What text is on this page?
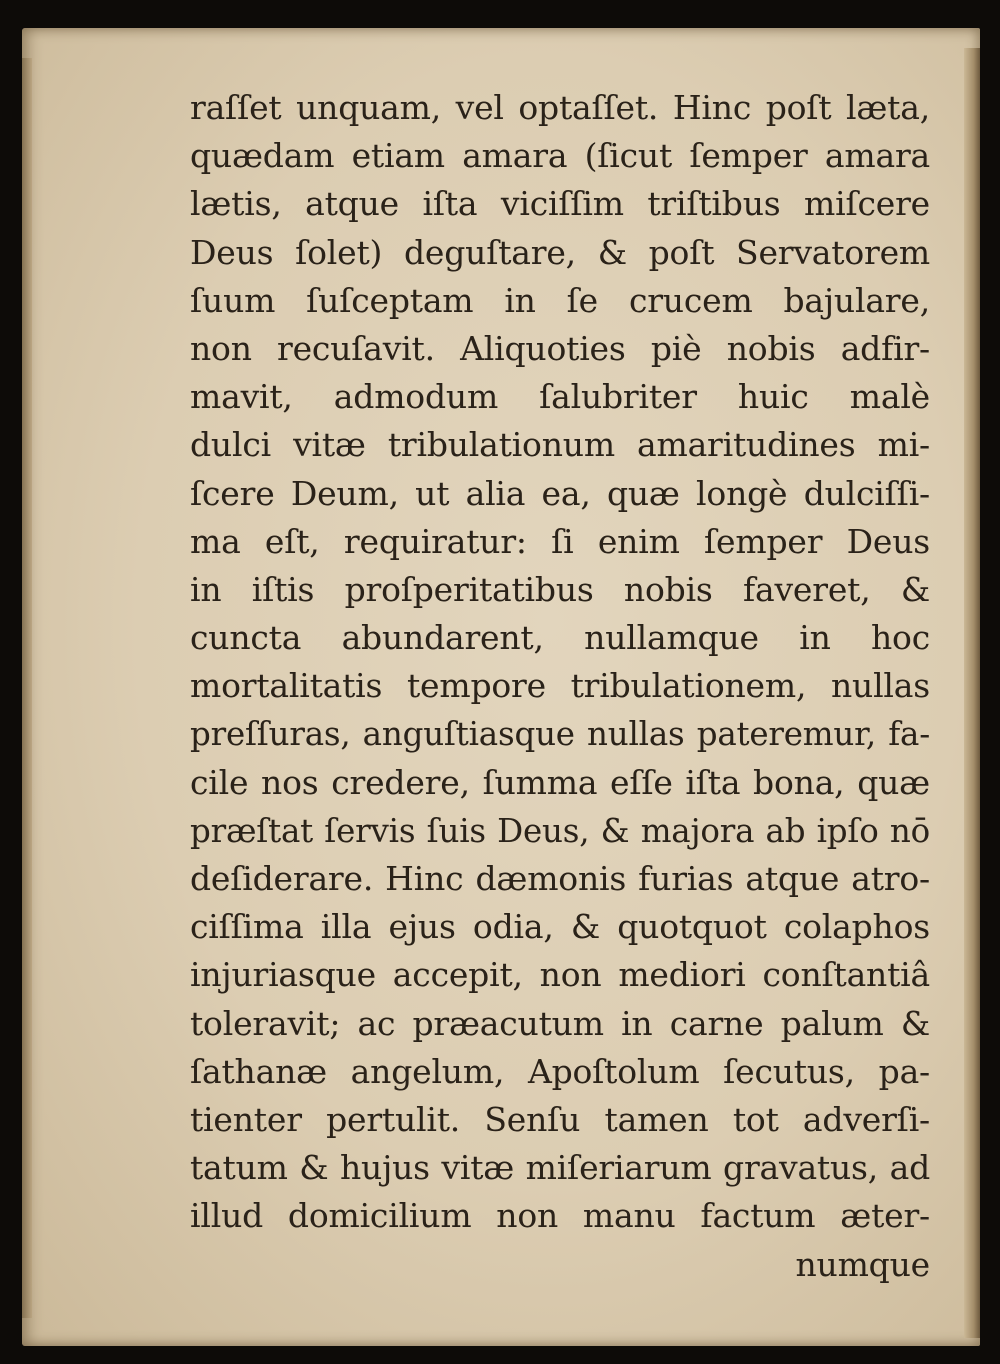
raſſet unquam, vel optaſſet. Hinc poſt læta,
quædam etiam amara (ſicut ſemper amara
lætis, atque iſta viciſſim triſtibus miſcere
Deus ſolet) deguſtare, & poſt Servatorem
ſuum ſuſceptam in ſe crucem bajulare,
non recuſavit. Aliquoties piè nobis adfir-
mavit, admodum ſalubriter huic malè
dulci vitæ tribulationum amaritudines mi-
ſcere Deum, ut alia ea, quæ longè dulciſſi-
ma eſt, requiratur: ſi enim ſemper Deus
in iſtis proſperitatibus nobis faveret, &
cuncta abundarent, nullamque in hoc
mortalitatis tempore tribulationem, nullas
preſſuras, anguſtiasque nullas pateremur, fa-
cile nos credere, ſumma eſſe iſta bona, quæ
præſtat ſervis ſuis Deus, & majora ab ipſo nō
deſiderare. Hinc dæmonis furias atque atro-
ciſſima illa ejus odia, & quotquot colaphos
injuriasque accepit, non mediori conſtantiâ
toleravit; ac præacutum in carne palum &
ſathanæ angelum, Apoſtolum ſecutus, pa-
tienter pertulit. Senſu tamen tot adverſi-
tatum & hujus vitæ miſeriarum gravatus, ad
illud domicilium non manu factum æter-
numque
